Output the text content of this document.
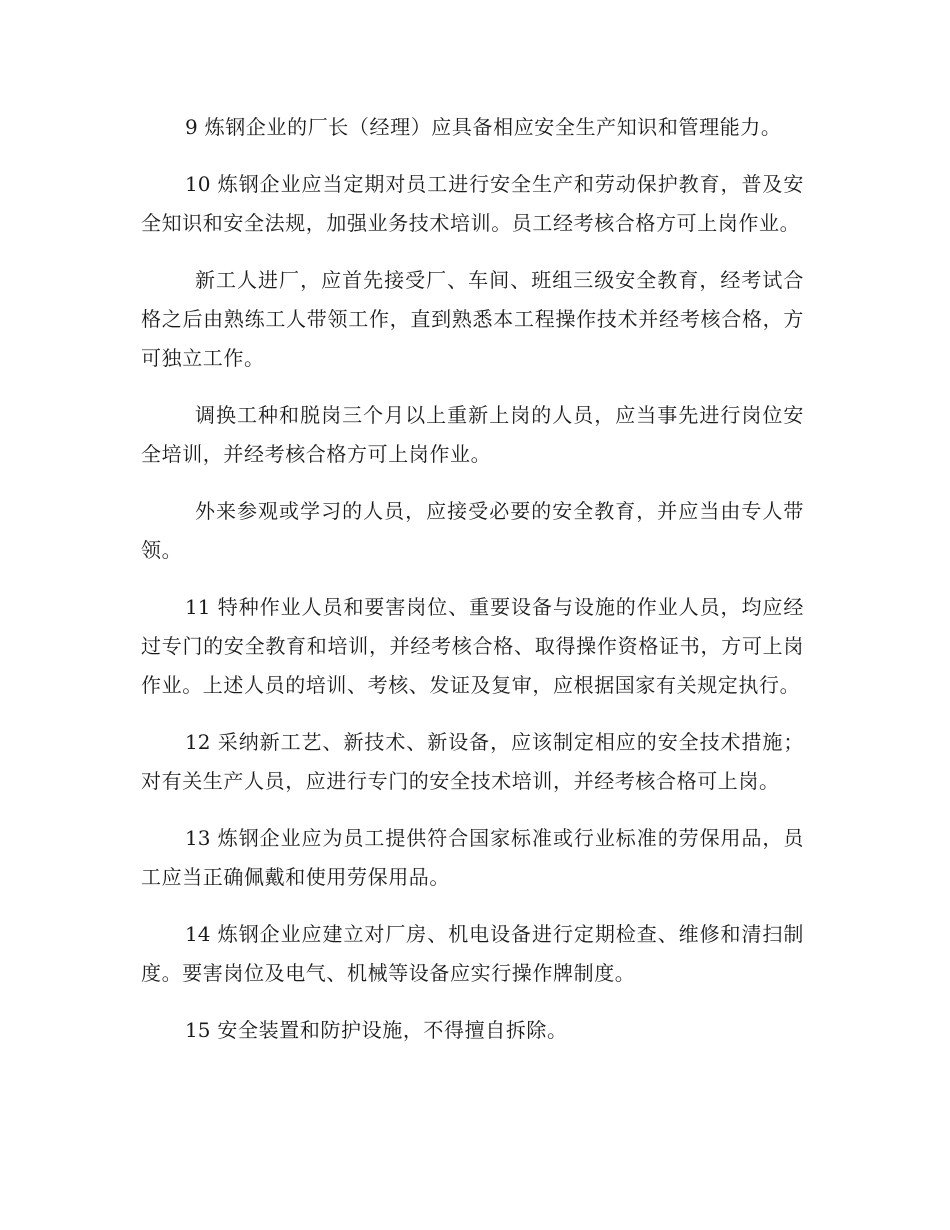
9 炼钢企业的厂长（经理）应具备相应安全生产知识和管理能力。

10 炼钢企业应当定期对员工进行安全生产和劳动保护教育，普及安全知识和安全法规，加强业务技术培训。员工经考核合格方可上岗作业。

新工人进厂，应首先接受厂、车间、班组三级安全教育，经考试合格之后由熟练工人带领工作，直到熟悉本工程操作技术并经考核合格，方可独立工作。

调换工种和脱岗三个月以上重新上岗的人员，应当事先进行岗位安全培训，并经考核合格方可上岗作业。

外来参观或学习的人员，应接受必要的安全教育，并应当由专人带领。

11 特种作业人员和要害岗位、重要设备与设施的作业人员，均应经过专门的安全教育和培训，并经考核合格、取得操作资格证书，方可上岗作业。上述人员的培训、考核、发证及复审，应根据国家有关规定执行。

12 采纳新工艺、新技术、新设备，应该制定相应的安全技术措施；对有关生产人员，应进行专门的安全技术培训，并经考核合格可上岗。

13 炼钢企业应为员工提供符合国家标准或行业标准的劳保用品，员工应当正确佩戴和使用劳保用品。

14 炼钢企业应建立对厂房、机电设备进行定期检查、维修和清扫制度。要害岗位及电气、机械等设备应实行操作牌制度。

15 安全装置和防护设施，不得擅自拆除。
